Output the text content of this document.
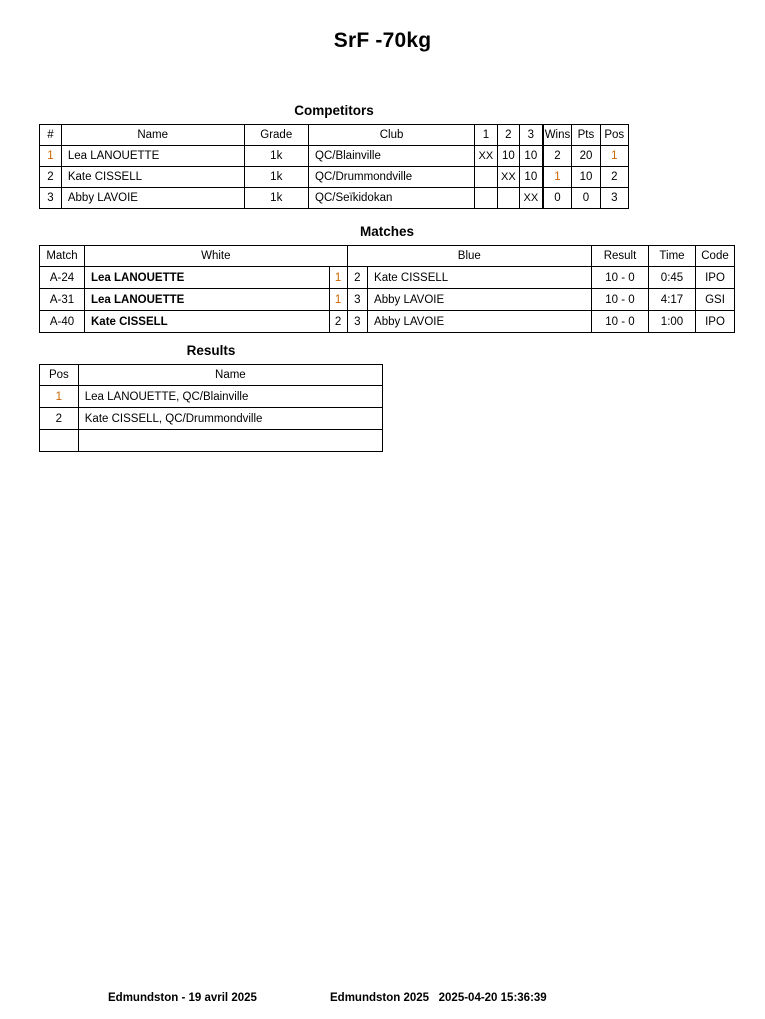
SrF -70kg
Competitors
#	Name	Grade	Club	1	2	3	Wins	Pts	Pos
1	Lea LANOUETTE	1k	QC/Blainville	XX	10	10	2	20	1
2	Kate CISSELL	1k	QC/Drummondville		XX	10	1	10	2
3	Abby LAVOIE	1k	QC/Seïkidokan			XX	0	0	3
Matches
Match	White		Blue		Result	Time	Code
A-24	Lea LANOUETTE	1	2	Kate CISSELL	10 - 0	0:45	IPO
A-31	Lea LANOUETTE	1	3	Abby LAVOIE	10 - 0	4:17	GSI
A-40	Kate CISSELL	2	3	Abby LAVOIE	10 - 0	1:00	IPO
Results
Pos	Name
1	Lea LANOUETTE, QC/Blainville
2	Kate CISSELL, QC/Drummondville

Edmundston - 19 avril 2025	Edmundston 2025   2025-04-20 15:36:39
